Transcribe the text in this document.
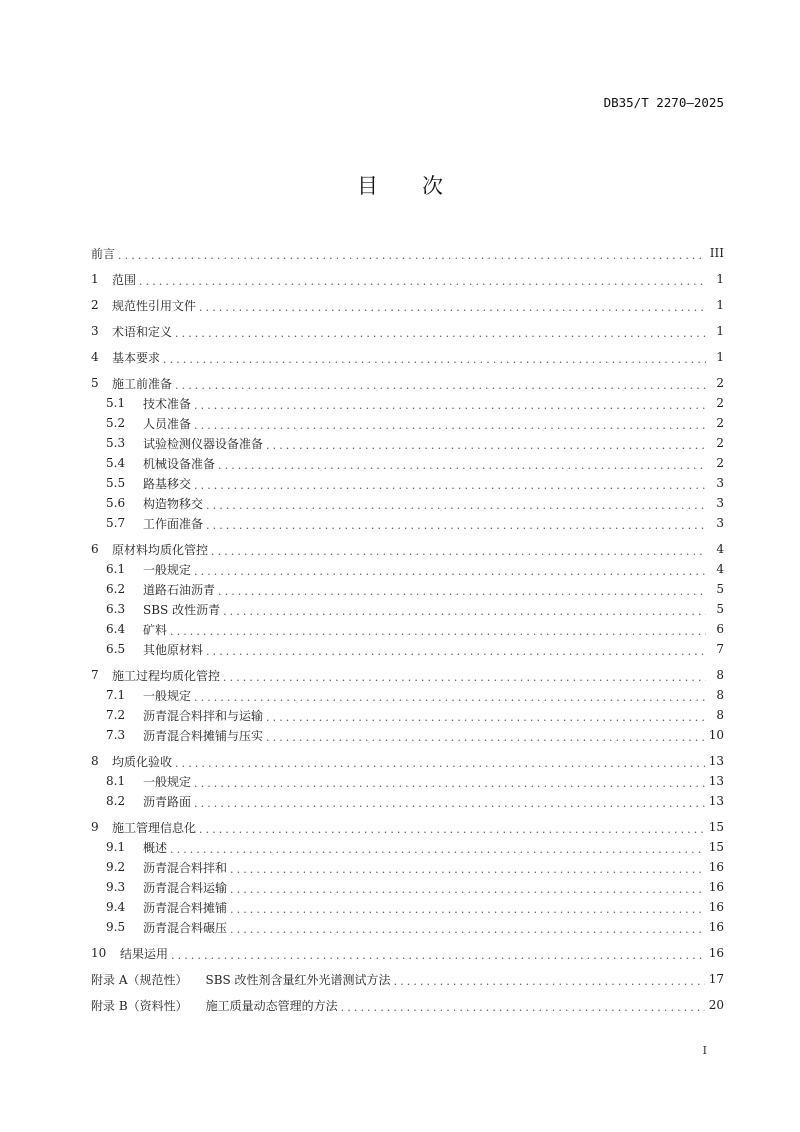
DB35/T 2270—2025
目 次
前言 .....	III
1	范围 .....	1
2	规范性引用文件 .....	1
3	术语和定义 .....	1
4	基本要求 .....	1
5	施工前准备 .....	2
5.1	技术准备 .....	2
5.2	人员准备 .....	2
5.3	试验检测仪器设备准备 .....	2
5.4	机械设备准备 .....	2
5.5	路基移交 .....	3
5.6	构造物移交 .....	3
5.7	工作面准备 .....	3
6	原材料均质化管控 .....	4
6.1	一般规定 .....	4
6.2	道路石油沥青 .....	5
6.3	SBS 改性沥青 .....	5
6.4	矿料 .....	6
6.5	其他原材料 .....	7
7	施工过程均质化管控 .....	8
7.1	一般规定 .....	8
7.2	沥青混合料拌和与运输 .....	8
7.3	沥青混合料摊铺与压实 .....	10
8	均质化验收 .....	13
8.1	一般规定 .....	13
8.2	沥青路面 .....	13
9	施工管理信息化 .....	15
9.1	概述 .....	15
9.2	沥青混合料拌和 .....	16
9.3	沥青混合料运输 .....	16
9.4	沥青混合料摊铺 .....	16
9.5	沥青混合料碾压 .....	16
10	结果运用 .....	16
附录 A（规范性） SBS 改性剂含量红外光谱测试方法 .....	17
附录 B（资料性） 施工质量动态管理的方法 .....	20
I
